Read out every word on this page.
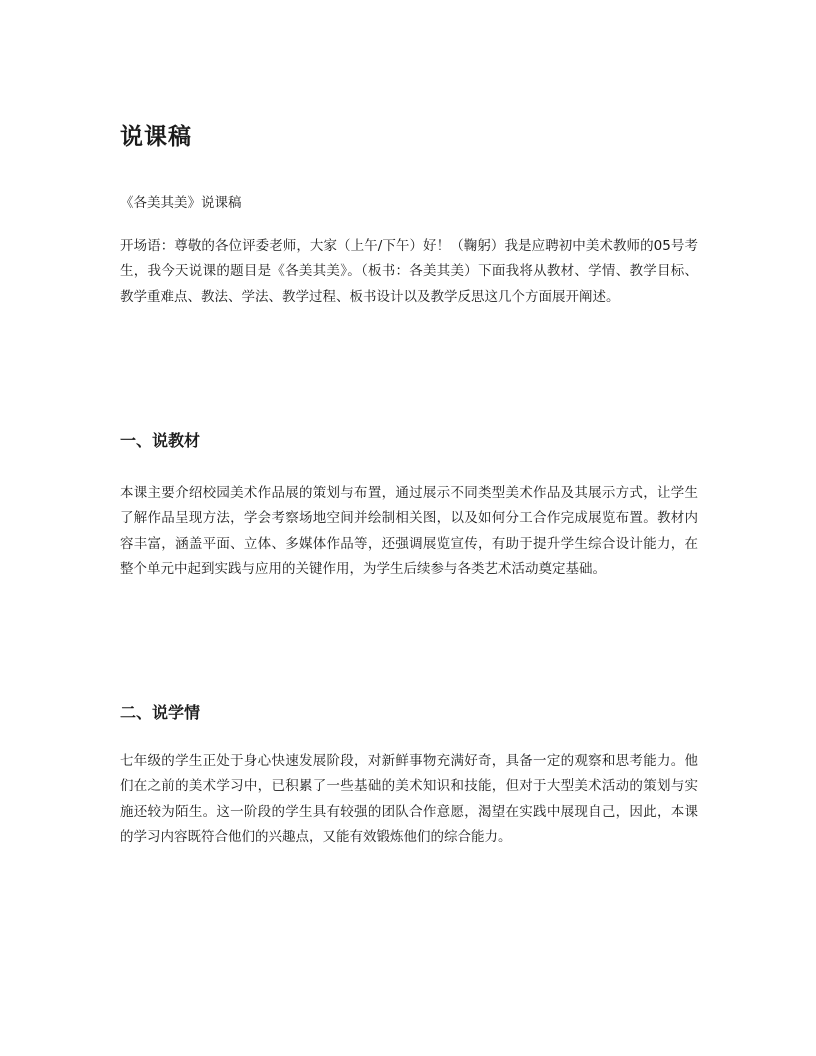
说课稿

《各美其美》说课稿

开场语：尊敬的各位评委老师，大家（上午/下午）好！（鞠躬）我是应聘初中美术教师的05号考生，我今天说课的题目是《各美其美》。（板书：各美其美）下面我将从教材、学情、教学目标、教学重难点、教法、学法、教学过程、板书设计以及教学反思这几个方面展开阐述。

一、说教材

本课主要介绍校园美术作品展的策划与布置，通过展示不同类型美术作品及其展示方式，让学生了解作品呈现方法，学会考察场地空间并绘制相关图，以及如何分工合作完成展览布置。教材内容丰富，涵盖平面、立体、多媒体作品等，还强调展览宣传，有助于提升学生综合设计能力，在整个单元中起到实践与应用的关键作用，为学生后续参与各类艺术活动奠定基础。

二、说学情

七年级的学生正处于身心快速发展阶段，对新鲜事物充满好奇，具备一定的观察和思考能力。他们在之前的美术学习中，已积累了一些基础的美术知识和技能，但对于大型美术活动的策划与实施还较为陌生。这一阶段的学生具有较强的团队合作意愿，渴望在实践中展现自己，因此，本课的学习内容既符合他们的兴趣点，又能有效锻炼他们的综合能力。
